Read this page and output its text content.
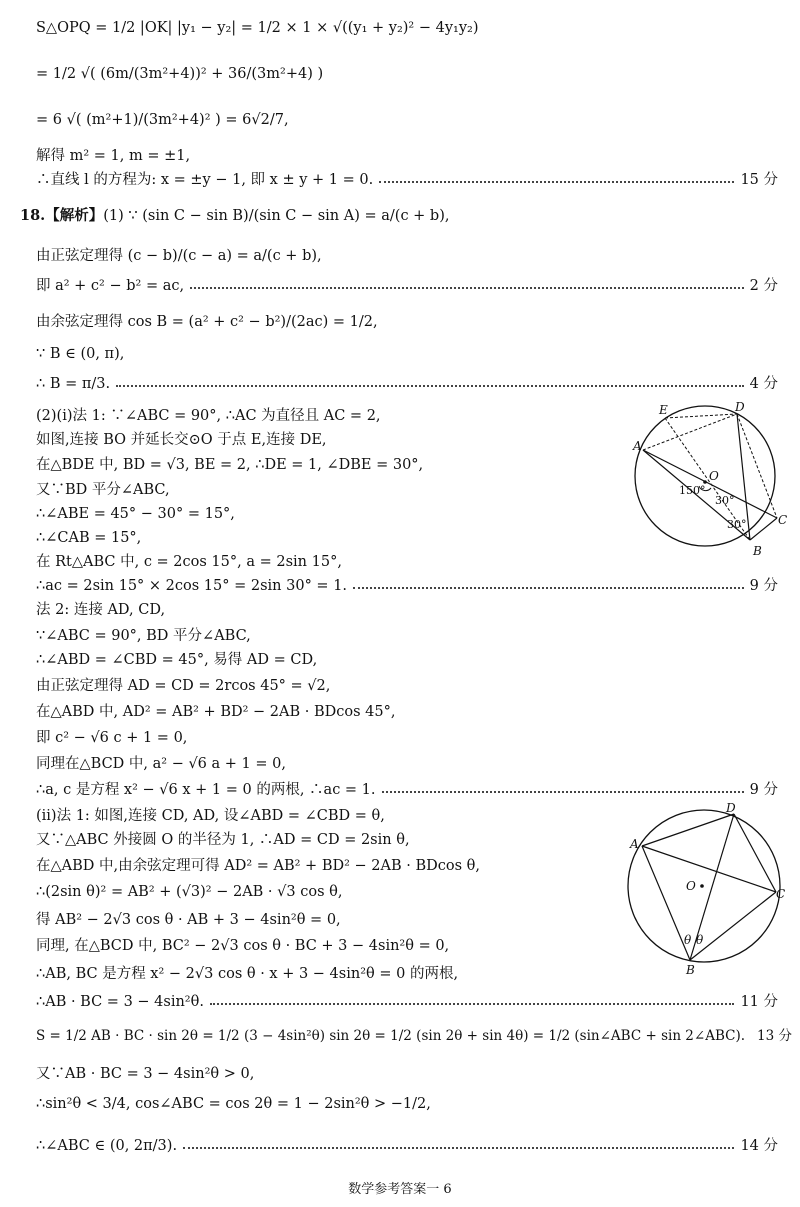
S△OPQ = 1/2 |OK| |y₁ − y₂| = 1/2 × 1 × √((y₁ + y₂)² − 4y₁y₂)
= 1/2 √( (6m/(3m²+4))² + 36/(3m²+4) )
= 6 √( (m²+1)/(3m²+4)² ) = 6√2/7,
解得 m² = 1, m = ±1,
∴直线 l 的方程为: x = ±y − 1, 即 x ± y + 1 = 0.	15 分
18.【解析】 (1) ∵ (sin C − sin B)/(sin C − sin A) = a/(c + b),
由正弦定理得 (c − b)/(c − a) = a/(c + b),
即 a² + c² − b² = ac,	2 分
由余弦定理得 cos B = (a² + c² − b²)/(2ac) = 1/2,
∵ B ∈ (0, π),
∴ B = π/3.	4 分
(2)(ⅰ)法 1: ∵∠ABC = 90°, ∴AC 为直径且 AC = 2,
如图,连接 BO 并延长交⊙O 于点 E,连接 DE,
在△BDE 中, BD = √3, BE = 2, ∴DE = 1, ∠DBE = 30°,
又∵BD 平分∠ABC,
∴∠ABE = 45° − 30° = 15°,
∴∠CAB = 15°,
在 Rt△ABC 中, c = 2cos 15°, a = 2sin 15°,
∴ac = 2sin 15° × 2cos 15° = 2sin 30° = 1.	9 分
法 2: 连接 AD, CD,
∵∠ABC = 90°, BD 平分∠ABC,
∴∠ABD = ∠CBD = 45°, 易得 AD = CD,
由正弦定理得 AD = CD = 2rcos 45° = √2,
在△ABD 中, AD² = AB² + BD² − 2AB · BDcos 45°,
即 c² − √6 c + 1 = 0,
同理在△BCD 中, a² − √6 a + 1 = 0,
∴a, c 是方程 x² − √6 x + 1 = 0 的两根, ∴ac = 1.	9 分
(ⅱ)法 1: 如图,连接 CD, AD, 设∠ABD = ∠CBD = θ,
又∵△ABC 外接圆 O 的半径为 1, ∴AD = CD = 2sin θ,
在△ABD 中,由余弦定理可得 AD² = AB² + BD² − 2AB · BDcos θ,
∴(2sin θ)² = AB² + (√3)² − 2AB · √3 cos θ,
得 AB² − 2√3 cos θ · AB + 3 − 4sin²θ = 0,
同理, 在△BCD 中, BC² − 2√3 cos θ · BC + 3 − 4sin²θ = 0,
∴AB, BC 是方程 x² − 2√3 cos θ · x + 3 − 4sin²θ = 0 的两根,
∴AB · BC = 3 − 4sin²θ.	11 分
S = 1/2 AB · BC · sin 2θ = 1/2 (3 − 4sin²θ) sin 2θ = 1/2 (sin 2θ + sin 4θ) = 1/2 (sin∠ABC + sin 2∠ABC). 13 分
又∵AB · BC = 3 − 4sin²θ > 0,
∴sin²θ < 3/4, cos∠ABC = cos 2θ = 1 − 2sin²θ > −1/2,
∴∠ABC ∈ (0, 2π/3).	14 分
A
B
C
D
E
O
150°
30°
30°
A
B
C
D
O
θ θ
数学参考答案一 6
